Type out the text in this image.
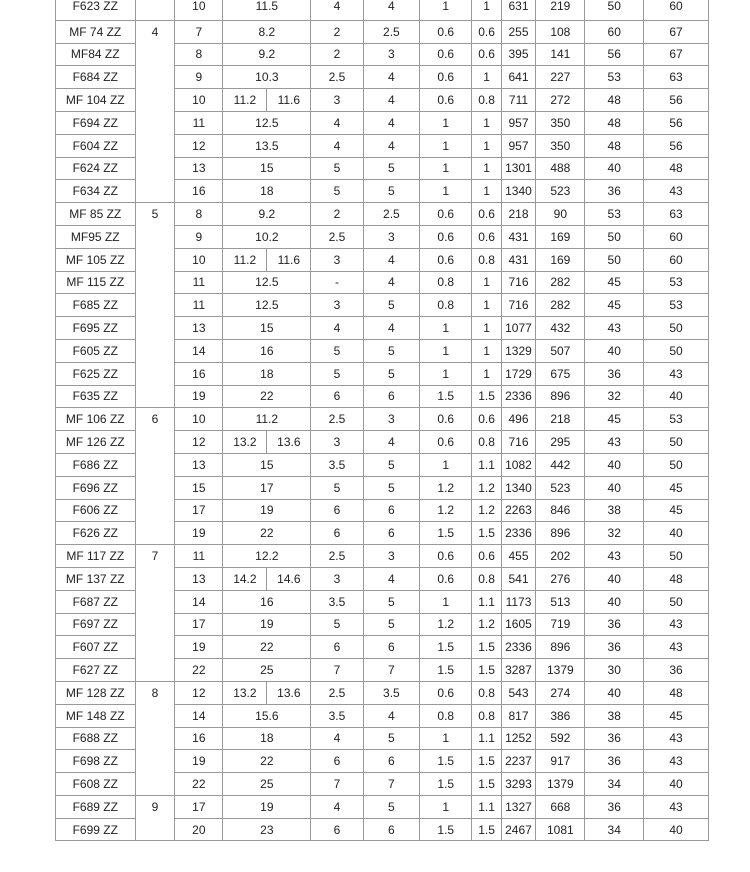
F623 ZZ		10	11.5		4	4	1	1	631	219	50	60
MF 74 ZZ	4	7	8.2		2	2.5	0.6	0.6	255	108	60	67
MF84 ZZ		8	9.2		2	3	0.6	0.6	395	141	56	67
F684 ZZ		9	10.3		2.5	4	0.6	1	641	227	53	63
MF 104 ZZ		10	11.2	11.6	3	4	0.6	0.8	711	272	48	56
F694 ZZ		11	12.5		4	4	1	1	957	350	48	56
F604 ZZ		12	13.5		4	4	1	1	957	350	48	56
F624 ZZ		13	15		5	5	1	1	1301	488	40	48
F634 ZZ		16	18		5	5	1	1	1340	523	36	43
MF 85 ZZ	5	8	9.2		2	2.5	0.6	0.6	218	90	53	63
MF95 ZZ		9	10.2		2.5	3	0.6	0.6	431	169	50	60
MF 105 ZZ		10	11.2	11.6	3	4	0.6	0.8	431	169	50	60
MF 115 ZZ		11	12.5		-	4	0.8	1	716	282	45	53
F685 ZZ		11	12.5		3	5	0.8	1	716	282	45	53
F695 ZZ		13	15		4	4	1	1	1077	432	43	50
F605 ZZ		14	16		5	5	1	1	1329	507	40	50
F625 ZZ		16	18		5	5	1	1	1729	675	36	43
F635 ZZ		19	22		6	6	1.5	1.5	2336	896	32	40
MF 106 ZZ	6	10	11.2		2.5	3	0.6	0.6	496	218	45	53
MF 126 ZZ		12	13.2	13.6	3	4	0.6	0.8	716	295	43	50
F686 ZZ		13	15		3.5	5	1	1.1	1082	442	40	50
F696 ZZ		15	17		5	5	1.2	1.2	1340	523	40	45
F606 ZZ		17	19		6	6	1.2	1.2	2263	846	38	45
F626 ZZ		19	22		6	6	1.5	1.5	2336	896	32	40
MF 117 ZZ	7	11	12.2		2.5	3	0.6	0.6	455	202	43	50
MF 137 ZZ		13	14.2	14.6	3	4	0.6	0.8	541	276	40	48
F687 ZZ		14	16		3.5	5	1	1.1	1173	513	40	50
F697 ZZ		17	19		5	5	1.2	1.2	1605	719	36	43
F607 ZZ		19	22		6	6	1.5	1.5	2336	896	36	43
F627 ZZ		22	25		7	7	1.5	1.5	3287	1379	30	36
MF 128 ZZ	8	12	13.2	13.6	2.5	3.5	0.6	0.8	543	274	40	48
MF 148 ZZ		14	15.6		3.5	4	0.8	0.8	817	386	38	45
F688 ZZ		16	18		4	5	1	1.1	1252	592	36	43
F698 ZZ		19	22		6	6	1.5	1.5	2237	917	36	43
F608 ZZ		22	25		7	7	1.5	1.5	3293	1379	34	40
F689 ZZ	9	17	19		4	5	1	1.1	1327	668	36	43
F699 ZZ		20	23		6	6	1.5	1.5	2467	1081	34	40
